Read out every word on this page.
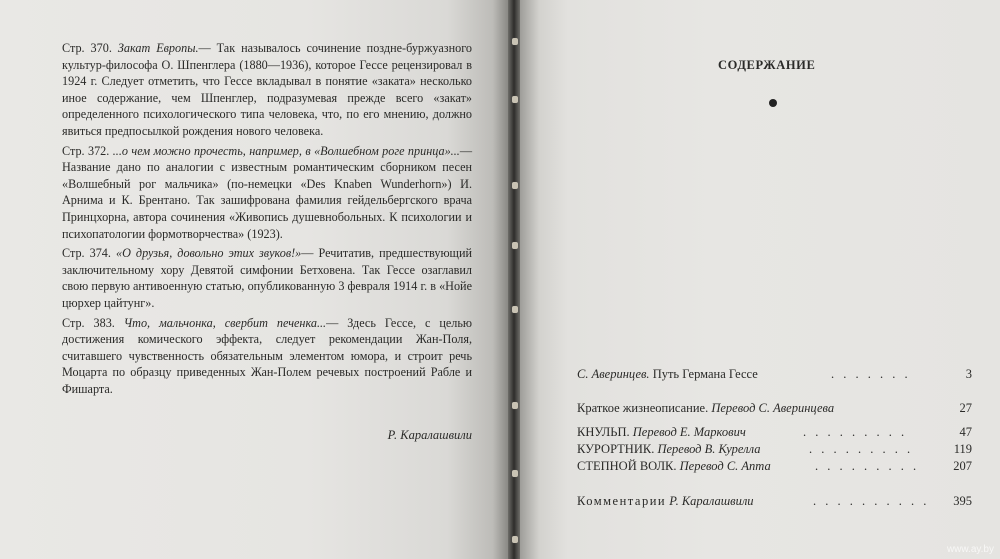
Стр. 370. Закат Европы.— Так называлось сочинение поздне-буржуазного культур-философа О. Шпенглера (1880—1936), которое Гессе рецензировал в 1924 г. Следует отметить, что Гессе вкладывал в понятие «заката» несколько иное содержание, чем Шпенглер, подразумевая прежде всего «закат» определенного психологического типа человека, что, по его мнению, должно явиться предпосылкой рождения нового человека.

Стр. 372. ...о чем можно прочесть, например, в «Волшебном роге принца»...— Название дано по аналогии с известным романтическим сборником песен «Волшебный рог мальчика» (по-немецки «Des Knaben Wunderhorn») И. Арнима и К. Брентано. Так зашифрована фамилия гейдельбергского врача Принцхорна, автора сочинения «Живопись душевнобольных. К психологии и психопатологии формотворчества» (1923).

Стр. 374. «О друзья, довольно этих звуков!»— Речитатив, предшествующий заключительному хору Девятой симфонии Бетховена. Так Гессе озаглавил свою первую антивоенную статью, опубликованную 3 февраля 1914 г. в «Нойе цюрхер цайтунг».

Стр. 383. Что, мальчонка, свербит печенка...— Здесь Гессе, с целью достижения комического эффекта, следует рекомендации Жан-Поля, считавшего чувственность обязательным элементом юмора, и строит речь Моцарта по образцу приведенных Жан-Полем речевых построений Рабле и Фишарта.

Р. Каралашвили
СОДЕРЖАНИЕ
С. Аверинцев. Путь Германа Гессе	. . . . . . .	3
Краткое жизнеописание. Перевод С. Аверинцева	27
КНУЛЬП. Перевод Е. Маркович	. . . . . . . . .	47
КУРОРТНИК. Перевод В. Курелла	. . . . . . . . .	119
СТЕПНОЙ ВОЛК. Перевод С. Апта	. . . . . . . . .	207
Комментарии Р. Каралашвили	. . . . . . . . . . 395
www.ay.by
